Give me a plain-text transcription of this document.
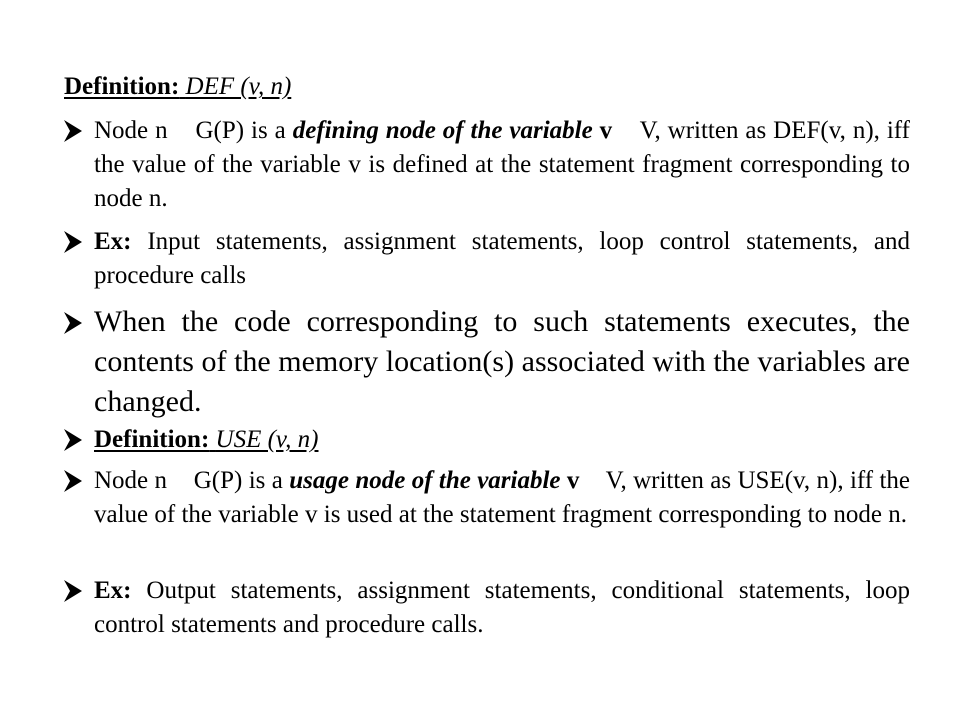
Definition: DEF (v, n)
Node n  G(P) is a defining node of the variable v  V, written as DEF(v, n), iff the value of the variable v is defined at the statement fragment corresponding to node n.
Ex: Input statements, assignment statements, loop control statements, and procedure calls
When the code corresponding to such statements executes, the contents of the memory location(s) associated with the variables are changed.
Definition: USE (v, n)
Node n  G(P) is a usage node of the variable v  V, written as USE(v, n), iff the value of the variable v is used at the statement fragment corresponding to node n.
Ex: Output statements, assignment statements, conditional statements, loop control statements and procedure calls.
